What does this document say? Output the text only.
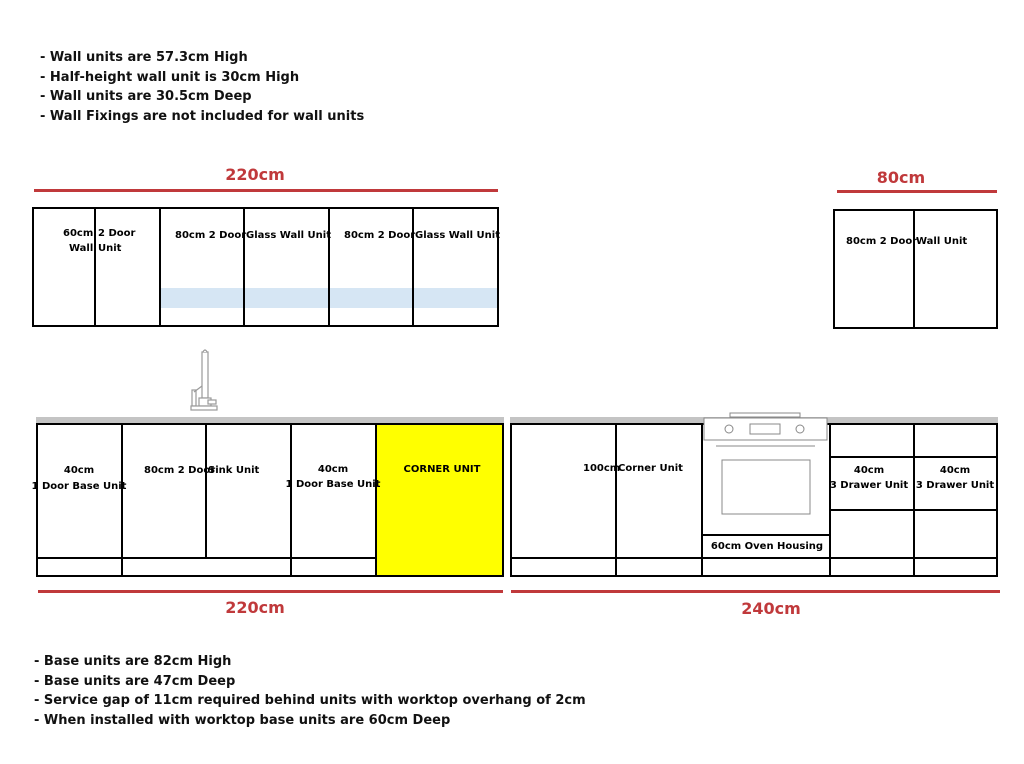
- Wall units are 57.3cm High
- Half-height wall unit is 30cm High
- Wall units are 30.5cm Deep
- Wall Fixings are not included for wall units
220cm	80cm
60cm 2 Door
Wall Unit
80cm 2 Door Glass Wall Unit 80cm 2 Door Glass Wall Unit
80cm 2 Door
Wall Unit
40cm
1 Door Base Unit
80cm 2 Door
Sink Unit	40cm
1 Door Base Unit
CORNER UNIT	100cm
Corner Unit
60cm Oven Housing
40cm
3 Drawer Unit
40cm
3 Drawer Unit
220cm	240cm
- Base units are 82cm High
- Base units are 47cm Deep
- Service gap of 11cm required behind units with worktop overhang of 2cm
- When installed with worktop base units are 60cm Deep
